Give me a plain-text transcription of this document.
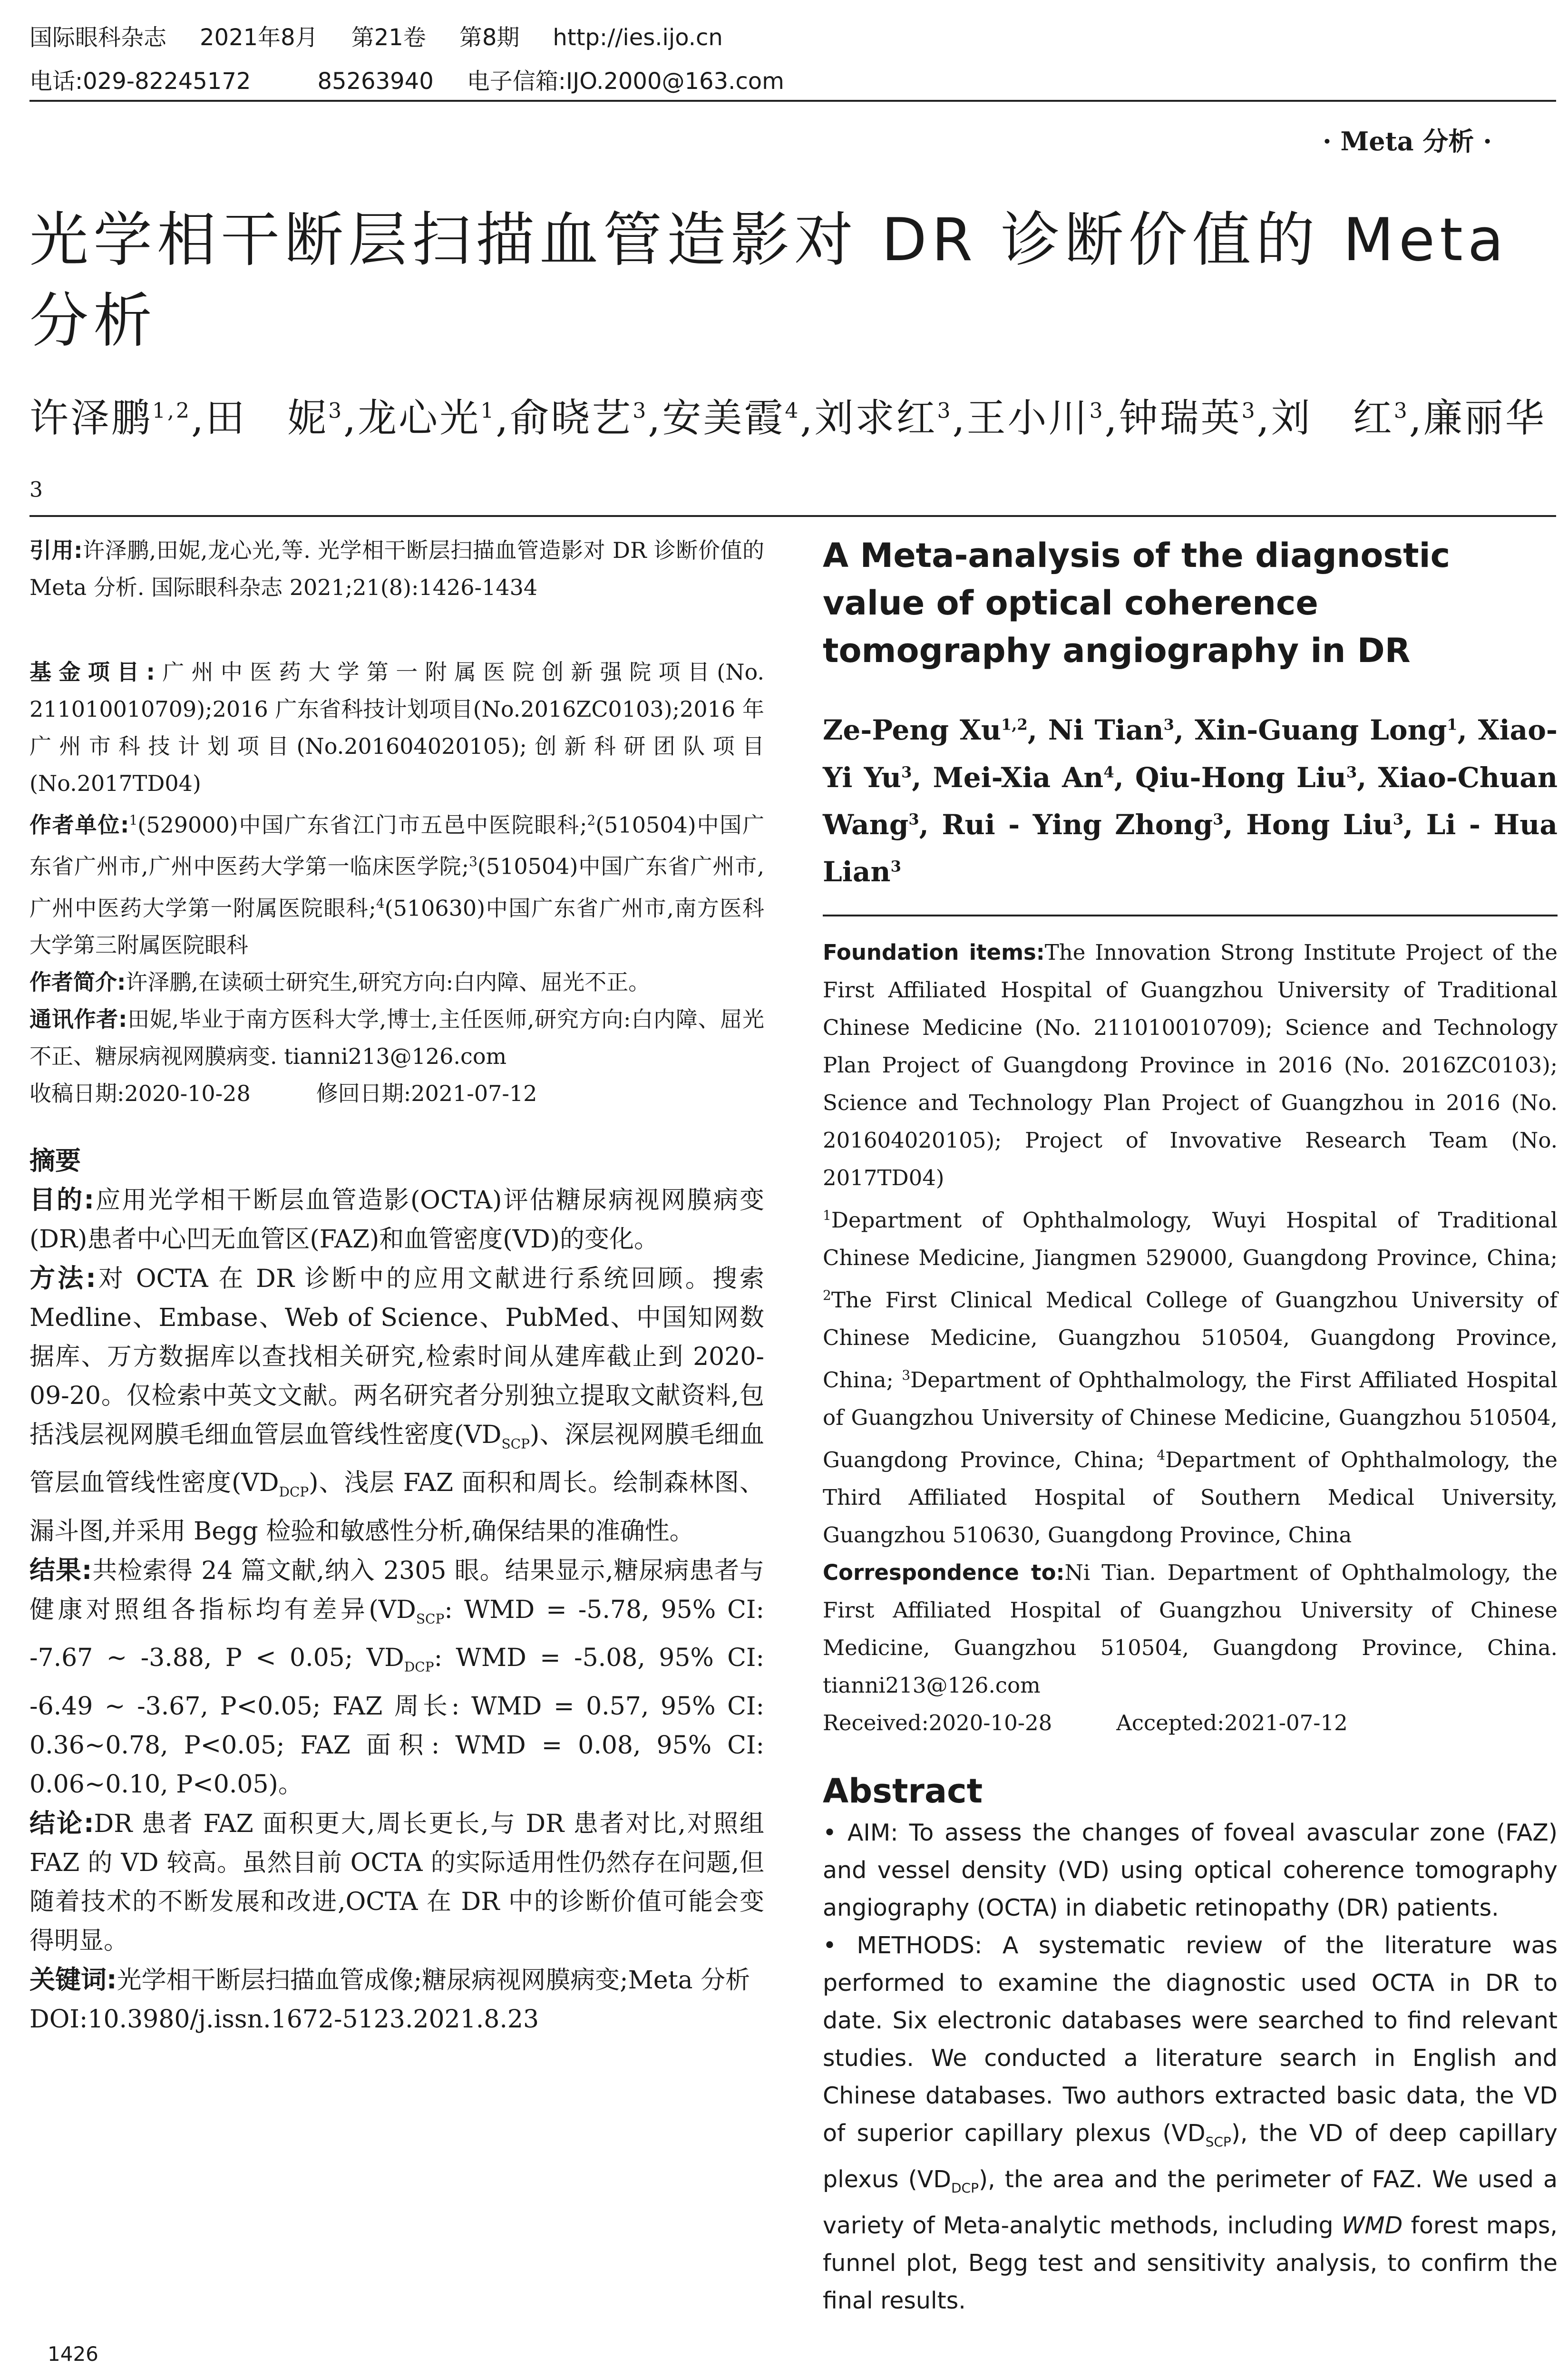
国际眼科杂志 2021年8月 第21卷 第8期 http://ies.ijo.cn
电话:029-82245172	85263940 电子信箱:IJO.2000@163.com
· Meta 分析 ·
光学相干断层扫描血管造影对 DR 诊断价值的 Meta 分析
许泽鹏$^{1,2}$,田　妮$^3$,龙心光$^1$,俞晓艺$^3$,安美霞$^4$,刘求红$^3$,王小川$^3$,钟瑞英$^3$,刘　红$^3$,廉丽华$^3$

引用:许泽鹏,田妮,龙心光,等. 光学相干断层扫描血管造影对 DR 诊断价值的 Meta 分析. 国际眼科杂志 2021;21(8):1426-1434

基金项目:广州中医药大学第一附属医院创新强院项目(No. 211010010709);2016 广东省科技计划项目(No.2016ZC0103);2016 年广州市科技计划项目(No.201604020105);创新科研团队项目(No.2017TD04)

作者单位:$^1$(529000)中国广东省江门市五邑中医院眼科;$^2$(510504)中国广东省广州市,广州中医药大学第一临床医学院;$^3$(510504)中国广东省广州市,广州中医药大学第一附属医院眼科;$^4$(510630)中国广东省广州市,南方医科大学第三附属医院眼科

作者简介:许泽鹏,在读硕士研究生,研究方向:白内障、屈光不正。

通讯作者:田妮,毕业于南方医科大学,博士,主任医师,研究方向:白内障、屈光不正、糖尿病视网膜病变. tianni213@126.com

收稿日期:2020-10-28　　　	修回日期:2021-07-12

摘要

目的:应用光学相干断层血管造影(OCTA)评估糖尿病视网膜病变(DR)患者中心凹无血管区(FAZ)和血管密度(VD)的变化。

方法:对 OCTA 在 DR 诊断中的应用文献进行系统回顾。搜索 Medline、Embase、Web of Science、PubMed、中国知网数据库、万方数据库以查找相关研究,检索时间从建库截止到 2020-09-20。仅检索中英文文献。两名研究者分别独立提取文献资料,包括浅层视网膜毛细血管层血管线性密度$(VD_{SCP})$、深层视网膜毛细血管层血管线性密度$(VD_{DCP})$、浅层 FAZ 面积和周长。绘制森林图、漏斗图,并采用 Begg 检验和敏感性分析,确保结果的准确性。

结果:共检索得 24 篇文献,纳入 2305 眼。结果显示,糖尿病患者与健康对照组各指标均有差异($VD_{SCP}$: WMD = -5.78, 95% CI: -7.67 ~ -3.88, P < 0.05; $VD_{DCP}$: WMD = -5.08, 95% CI: -6.49 ~ -3.67, P<0.05; FAZ 周长: WMD = 0.57, 95% CI: 0.36~0.78, P<0.05; FAZ 面积: WMD = 0.08, 95% CI: 0.06~0.10, P<0.05)。

结论:DR 患者 FAZ 面积更大,周长更长,与 DR 患者对比,对照组 FAZ 的 VD 较高。虽然目前 OCTA 的实际适用性仍然存在问题,但随着技术的不断发展和改进,OCTA 在 DR 中的诊断价值可能会变得明显。

关键词:光学相干断层扫描血管成像;糖尿病视网膜病变;Meta 分析

DOI:10.3980/j.issn.1672-5123.2021.8.23

A Meta-analysis of the diagnostic value of optical coherence tomography angiography in DR
Ze-Peng Xu$^{1,2}$, Ni Tian$^3$, Xin-Guang Long$^1$, Xiao-Yi Yu$^3$, Mei-Xia An$^4$, Qiu-Hong Liu$^3$, Xiao-Chuan Wang$^3$, Rui - Ying Zhong$^3$, Hong Liu$^3$, Li - Hua Lian$^3$

Foundation items:The Innovation Strong Institute Project of the First Affiliated Hospital of Guangzhou University of Traditional Chinese Medicine (No. 211010010709); Science and Technology Plan Project of Guangdong Province in 2016 (No. 2016ZC0103); Science and Technology Plan Project of Guangzhou in 2016 (No. 201604020105); Project of Invovative Research Team (No. 2017TD04)

$^1$Department of Ophthalmology, Wuyi Hospital of Traditional Chinese Medicine, Jiangmen 529000, Guangdong Province, China; $^2$The First Clinical Medical College of Guangzhou University of Chinese Medicine, Guangzhou 510504, Guangdong Province, China; $^3$Department of Ophthalmology, the First Affiliated Hospital of Guangzhou University of Chinese Medicine, Guangzhou 510504, Guangdong Province, China; $^4$Department of Ophthalmology, the Third Affiliated Hospital of Southern Medical University, Guangzhou 510630, Guangdong Province, China

Correspondence to:Ni Tian. Department of Ophthalmology, the First Affiliated Hospital of Guangzhou University of Chinese Medicine, Guangzhou 510504, Guangdong Province, China. tianni213@126.com

Received:2020-10-28　　　	Accepted:2021-07-12

Abstract

• AIM: To assess the changes of foveal avascular zone (FAZ) and vessel density (VD) using optical coherence tomography angiography (OCTA) in diabetic retinopathy (DR) patients.

• METHODS: A systematic review of the literature was performed to examine the diagnostic used OCTA in DR to date. Six electronic databases were searched to find relevant studies. We conducted a literature search in English and Chinese databases. Two authors extracted basic data, the VD of superior capillary plexus $(VD_{SCP})$, the VD of deep capillary plexus $(VD_{DCP})$, the area and the perimeter of FAZ. We used a variety of Meta-analytic methods, including WMD forest maps, funnel plot, Begg test and sensitivity analysis, to confirm the final results.

1426
